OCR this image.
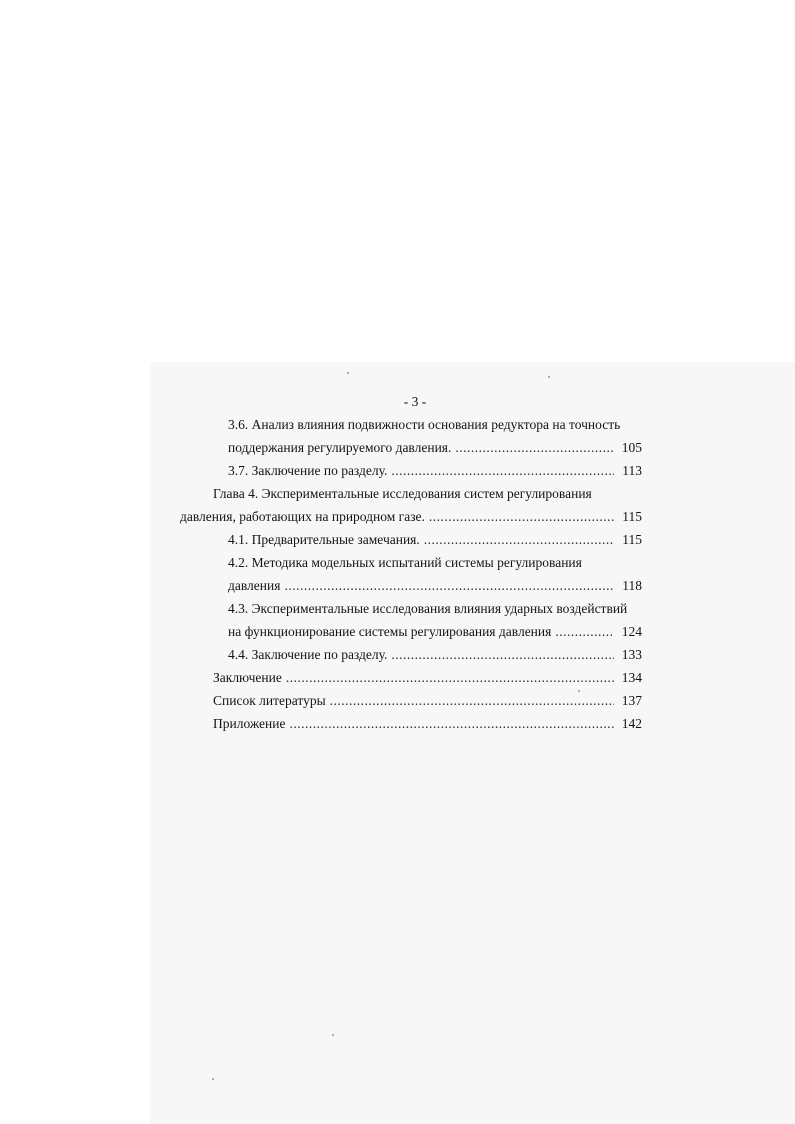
- 3 -
3.6. Анализ влияния подвижности основания редуктора на точность
поддержания регулируемого давления. .....	105
3.7. Заключение по разделу. .....	113
Глава 4. Экспериментальные исследования систем регулирования
давления, работающих на природном газе. .....	115
4.1. Предварительные замечания. .....	115
4.2. Методика модельных испытаний системы регулирования
давления .....	118
4.3. Экспериментальные исследования влияния ударных воздействий
на функционирование системы регулирования давления .....	124
4.4. Заключение по разделу. .....	133
Заключение .....	134
Список литературы .....	137
Приложение .....	142
